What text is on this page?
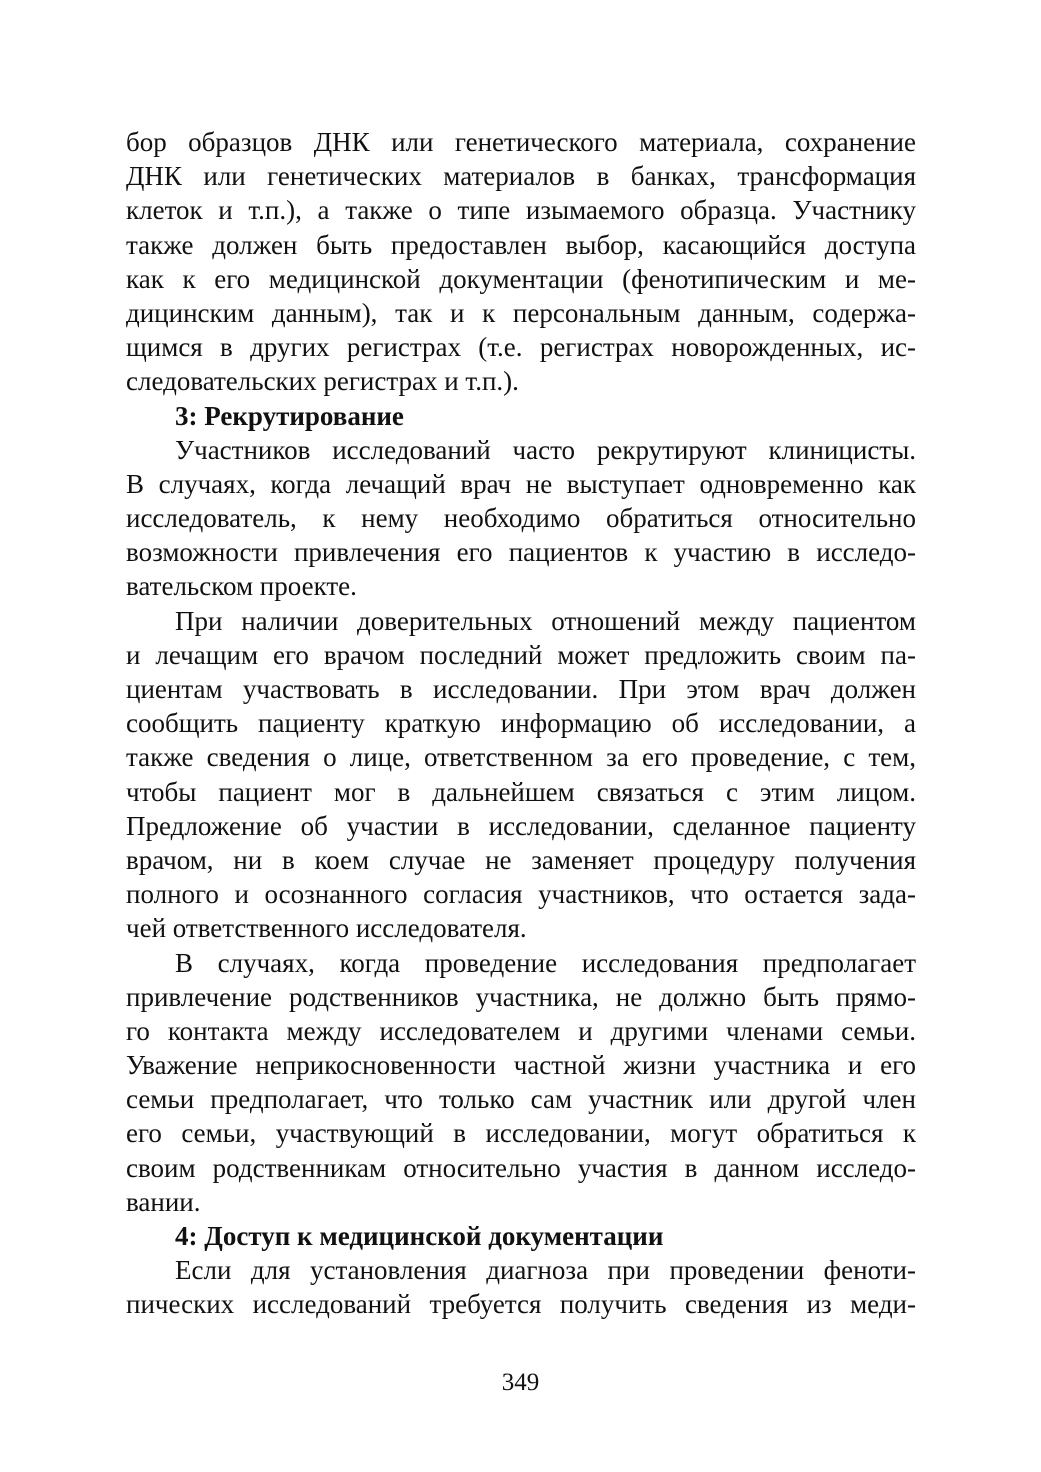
бор образцов ДНК или генетического материала, сохранение
ДНК или генетических материалов в банках, трансформация
клеток и т.п.), а также о типе изымаемого образца. Участнику
также должен быть предоставлен выбор, касающийся доступа
как к его медицинской документации (фенотипическим и ме-
дицинским данным), так и к персональным данным, содержа-
щимся в других регистрах (т.е. регистрах новорожденных, ис-
следовательских регистрах и т.п.).
3: Рекрутирование
Участников исследований часто рекрутируют клиницисты.
В случаях, когда лечащий врач не выступает одновременно как
исследователь, к нему необходимо обратиться относительно
возможности привлечения его пациентов к участию в исследо-
вательском проекте.
При наличии доверительных отношений между пациентом
и лечащим его врачом последний может предложить своим па-
циентам участвовать в исследовании. При этом врач должен
сообщить пациенту краткую информацию об исследовании, а
также сведения о лице, ответственном за его проведение, с тем,
чтобы пациент мог в дальнейшем связаться с этим лицом.
Предложение об участии в исследовании, сделанное пациенту
врачом, ни в коем случае не заменяет процедуру получения
полного и осознанного согласия участников, что остается зада-
чей ответственного исследователя.
В случаях, когда проведение исследования предполагает
привлечение родственников участника, не должно быть прямо-
го контакта между исследователем и другими членами семьи.
Уважение неприкосновенности частной жизни участника и его
семьи предполагает, что только сам участник или другой член
его семьи, участвующий в исследовании, могут обратиться к
своим родственникам относительно участия в данном исследо-
вании.
4: Доступ к медицинской документации
Если для установления диагноза при проведении феноти-
пических исследований требуется получить сведения из меди-
349
